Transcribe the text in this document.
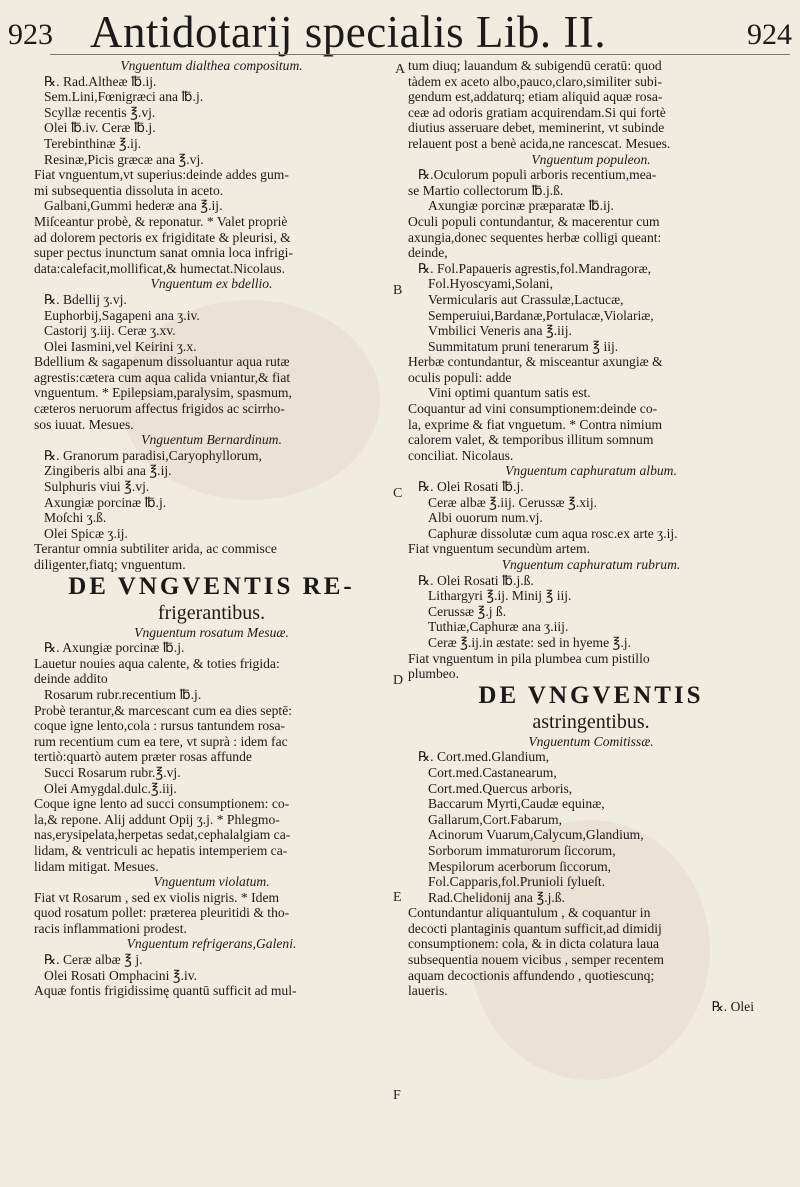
923 Antidotarij specialis Lib. II.	924
Vnguentum dialthea compositum.
℞. Rad.Altheæ ℔.ij.
Sem.Lini,Fœnigræci ana ℔.j.
Scyllæ recentis ℥.vj.
Olei ℔.iv. Ceræ ℔.j.
Terebinthinæ ℥.ij.
Resinæ,Picis græcæ ana ℥.vj.
Fiat vnguentum,vt superius:deinde addes gum-
mi subsequentia dissoluta in aceto.
Galbani,Gummi hederæ ana ℥.ij.
Miſceantur probè, & reponatur. * Valet propriè
ad dolorem pectoris ex frigiditate & pleurisi, &
super pectus inunctum sanat omnia loca infrigi-
data:calefacit,mollificat,& humectat.Nicolaus.
Vnguentum ex bdellio.
℞. Bdellij ʒ.vj.
Euphorbij,Sagapeni ana ʒ.iv.
Castorij ʒ.iij. Ceræ ʒ.xv.
Olei Iasmini,vel Keirini ʒ.x.
Bdellium & sagapenum dissoluantur aqua rutæ
agrestis:cætera cum aqua calida vniantur,& fiat
vnguentum. * Epilepsiam,paralysim, spasmum,
cæteros neruorum affectus frigidos ac scirrho-
sos iuuat. Mesues.
Vnguentum Bernardinum.
℞. Granorum paradisi,Caryophyllorum,
Zingiberis albi ana ℥.ij.
Sulphuris viui ℥.vj.
Axungiæ porcinæ ℔.j.
Moſchi ʒ.ß.
Olei Spicæ ʒ.ij.
Terantur omnia subtiliter arida, ac commisce
diligenter,fiatq; vnguentum.
DE VNGVENTIS RE-
frigerantibus.
Vnguentum rosatum Mesuæ.
℞. Axungiæ porcinæ ℔.j.
Lauetur nouies aqua calente, & toties frigida:
deinde addito
Rosarum rubr.recentium ℔.j.
Probè terantur,& marcescant cum ea dies septē:
coque igne lento,cola : rursus tantundem rosa-
rum recentium cum ea tere, vt suprà : idem fac
tertiò:quartò autem præter rosas affunde
Succi Rosarum rubr.℥.vj.
Olei Amygdal.dulc.℥.iij.
Coque igne lento ad succi consumptionem: co-
la,& repone. Alij addunt Opij ʒ.j. * Phlegmo-
nas,erysipelata,herpetas sedat,cephalalgiam ca-
lidam, & ventriculi ac hepatis intemperiem ca-
lidam mitigat. Mesues.
Vnguentum violatum.
Fiat vt Rosarum , sed ex violis nigris. * Idem
quod rosatum pollet: præterea pleuritidi & tho-
racis inflammationi prodest.
Vnguentum refrigerans,Galeni.
℞. Ceræ albæ ℥ j.
Olei Rosati Omphacini ℥.iv.
Aquæ fontis frigidissimę quantū sufficit ad mul-
tum diuq; lauandum & subigendū ceratū: quod
tàdem ex aceto albo,pauco,claro,similiter subi-
gendum est,addaturq; etiam aliquid aquæ rosa-
ceæ ad odoris gratiam acquirendam.Si qui fortè
diutius asseruare debet, meminerint, vt subinde
relauent post a benè acida,ne rancescat. Mesues.
Vnguentum populeon.
℞.Oculorum populi arboris recentium,mea-
se Martio collectorum ℔.j.ß.
Axungiæ porcinæ præparatæ ℔.ij.
Oculi populi contundantur, & macerentur cum
axungia,donec sequentes herbæ colligi queant:
deinde,
℞. Fol.Papaueris agrestis,fol.Mandragoræ,
Fol.Hyoscyami,Solani,
Vermicularis aut Crassulæ,Lactucæ,
Semperuiui,Bardanæ,Portulacæ,Violariæ,
Vmbilici Veneris ana ℥.iij.
Summitatum pruni tenerarum ℥ iij.
Herbæ contundantur, & misceantur axungiæ &
oculis populi: adde
Vini optimi quantum satis est.
Coquantur ad vini consumptionem:deinde co-
la, exprime & fiat vnguetum. * Contra nimium
calorem valet, & temporibus illitum somnum
conciliat. Nicolaus.
Vnguentum caphuratum album.
℞. Olei Rosati ℔.j.
Ceræ albæ ℥.iij. Cerussæ ℥.xij.
Albi ouorum num.vj.
Caphuræ dissolutæ cum aqua rosc.ex arte ʒ.ij.
Fiat vnguentum secundùm artem.
Vnguentum caphuratum rubrum.
℞. Olei Rosati ℔.j.ß.
Lithargyri ℥.ij. Minij ℥ iij.
Cerussæ ℥.j ß.
Tuthiæ,Caphuræ ana ʒ.iij.
Ceræ ℥.ij.in æstate: sed in hyeme ℥.j.
Fiat vnguentum in pila plumbea cum pistillo
plumbeo.
DE VNGVENTIS
astringentibus.
Vnguentum Comitissæ.
℞. Cort.med.Glandium,
Cort.med.Castanearum,
Cort.med.Quercus arboris,
Baccarum Myrti,Caudæ equinæ,
Gallarum,Cort.Fabarum,
Acinorum Vuarum,Calycum,Glandium,
Sorborum immaturorum ſiccorum,
Mespilorum acerborum ſiccorum,
Fol.Capparis,fol.Prunioli ſylueſt.
Rad.Chelidonij ana ℥.j.ß.
Contundantur aliquantulum , & coquantur in
decocti plantaginis quantum sufficit,ad dimidij
consumptionem: cola, & in dicta colatura laua
subsequentia nouem vicibus , semper recentem
aquam decoctionis affundendo , quotiescunq;
laueris.
℞. Olei
A
B
C
D
E
F
